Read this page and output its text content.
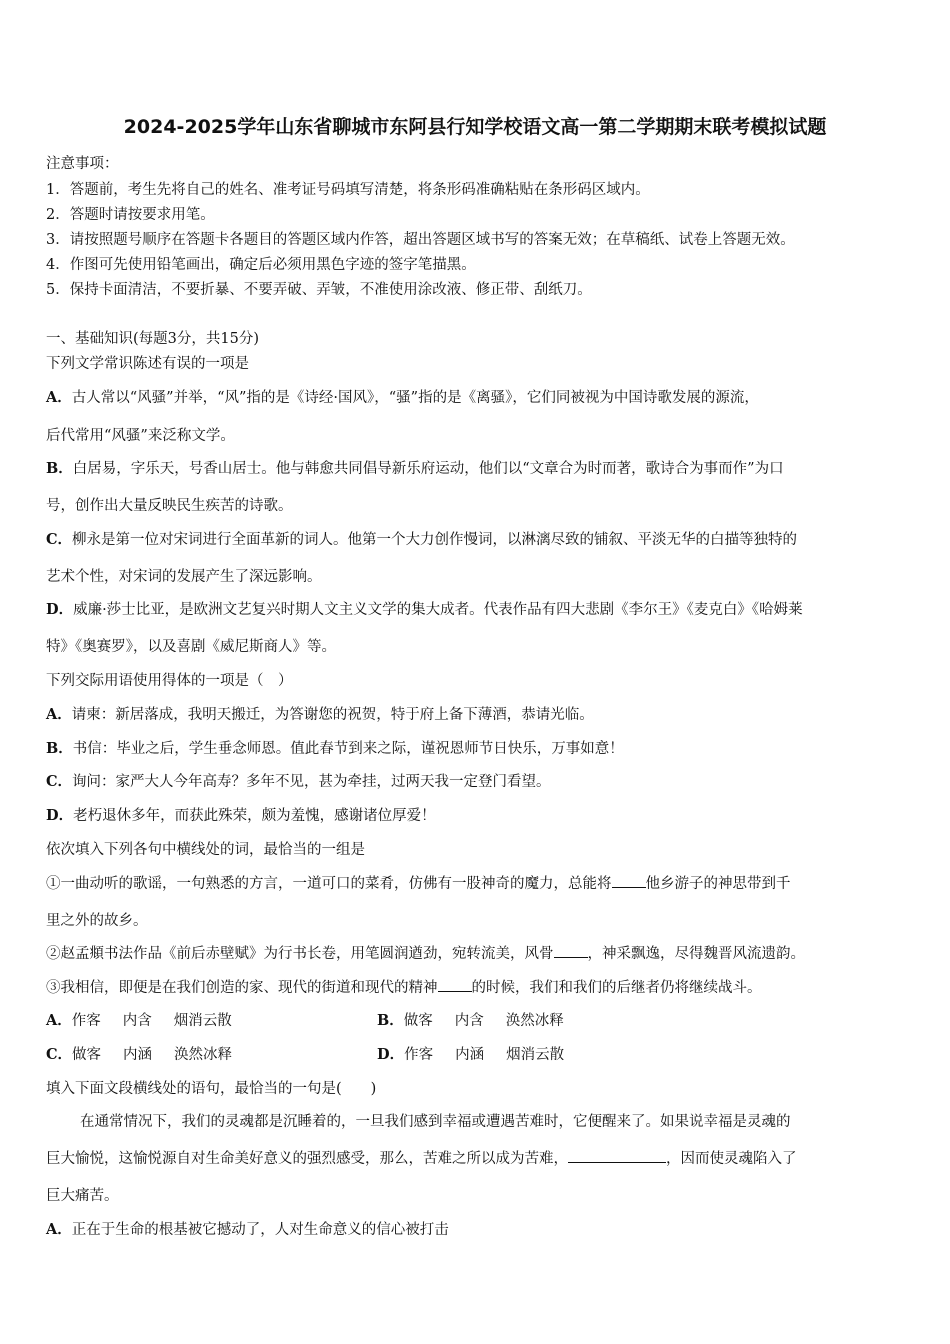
2024-2025学年山东省聊城市东阿县行知学校语文高一第二学期期末联考模拟试题
注意事项：
1．答题前，考生先将自己的姓名、准考证号码填写清楚，将条形码准确粘贴在条形码区域内。
2．答题时请按要求用笔。
3．请按照题号顺序在答题卡各题目的答题区域内作答，超出答题区域书写的答案无效；在草稿纸、试卷上答题无效。
4．作图可先使用铅笔画出，确定后必须用黑色字迹的签字笔描黑。
5．保持卡面清洁，不要折暴、不要弄破、弄皱，不准使用涂改液、修正带、刮纸刀。
一、基础知识(每题3分，共15分)
下列文学常识陈述有误的一项是
A．古人常以“风骚”并举，“风”指的是《诗经·国风》，“骚”指的是《离骚》，它们同被视为中国诗歌发展的源流，
后代常用“风骚”来泛称文学。
B．白居易，字乐天，号香山居士。他与韩愈共同倡导新乐府运动，他们以“文章合为时而著，歌诗合为事而作”为口
号，创作出大量反映民生疾苦的诗歌。
C．柳永是第一位对宋词进行全面革新的词人。他第一个大力创作慢词，以淋漓尽致的铺叙、平淡无华的白描等独特的
艺术个性，对宋词的发展产生了深远影响。
D．威廉·莎士比亚，是欧洲文艺复兴时期人文主义文学的集大成者。代表作品有四大悲剧《李尔王》《麦克白》《哈姆莱
特》《奥赛罗》，以及喜剧《威尼斯商人》等。
下列交际用语使用得体的一项是（　）
A．请柬：新居落成，我明天搬迁，为答谢您的祝贺，特于府上备下薄酒，恭请光临。
B．书信：毕业之后，学生垂念师恩。值此春节到来之际，谨祝恩师节日快乐，万事如意！
C．询问：家严大人今年高寿？多年不见，甚为牵挂，过两天我一定登门看望。
D．老朽退休多年，而获此殊荣，颇为羞愧，感谢诸位厚爱！
依次填入下列各句中横线处的词，最恰当的一组是
①一曲动听的歌谣，一句熟悉的方言，一道可口的菜肴，仿佛有一股神奇的魔力，总能将 他乡游子的神思带到千
里之外的故乡。
②赵孟頫书法作品《前后赤壁赋》为行书长卷，用笔圆润遒劲，宛转流美，风骨 ，神采飘逸，尽得魏晋风流遗韵。
③我相信，即便是在我们创造的家、现代的街道和现代的精神 的时候，我们和我们的后继者仍将继续战斗。
A．作客 内含 烟消云散	B．做客 内含 涣然冰释
C．做客 内涵 涣然冰释	D．作客 内涵 烟消云散
填入下面文段横线处的语句，最恰当的一句是(　　)
在通常情况下，我们的灵魂都是沉睡着的，一旦我们感到幸福或遭遇苦难时，它便醒来了。如果说幸福是灵魂的
巨大愉悦，这愉悦源自对生命美好意义的强烈感受，那么，苦难之所以成为苦难，	，因而使灵魂陷入了
巨大痛苦。
A．正在于生命的根基被它撼动了，人对生命意义的信心被打击
